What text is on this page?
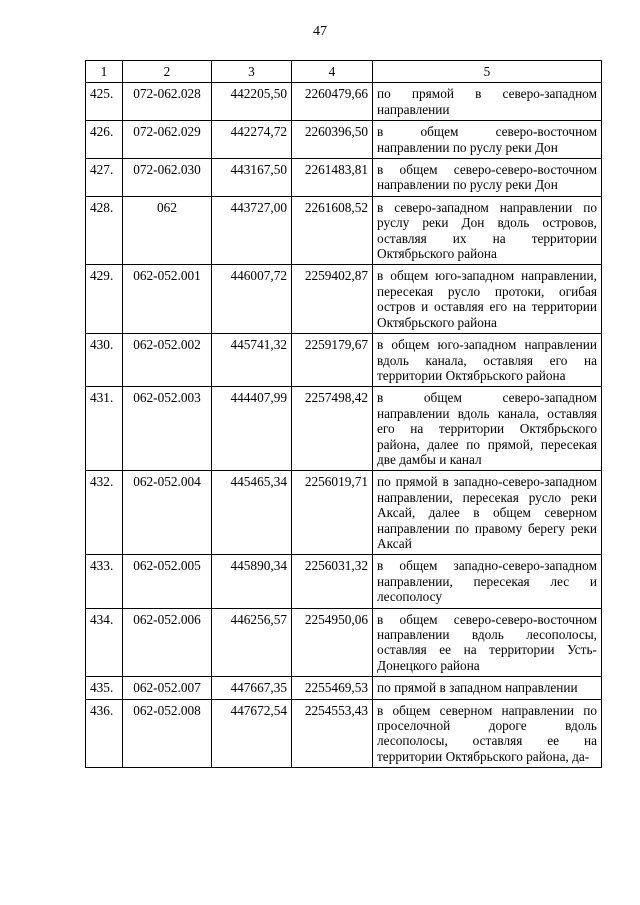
47
1	2	3	4	5
425.	072-062.028	442205,50	2260479,66	по прямой в северо-западном направлении
426.	072-062.029	442274,72	2260396,50	в общем северо-восточном направлении по руслу реки Дон
427.	072-062.030	443167,50	2261483,81	в общем северо-северо-восточном направлении по руслу реки Дон
428.	062	443727,00	2261608,52	в северо-западном направлении по руслу реки Дон вдоль островов, оставляя их на территории Октябрьского района
429.	062-052.001	446007,72	2259402,87	в общем юго-западном направлении, пересекая русло протоки, огибая остров и оставляя его на территории Октябрьского района
430.	062-052.002	445741,32	2259179,67	в общем юго-западном направлении вдоль канала, оставляя его на территории Октябрьского района
431.	062-052.003	444407,99	2257498,42	в общем северо-западном направлении вдоль канала, оставляя его на территории Октябрьского района, далее по прямой, пересекая две дамбы и канал
432.	062-052.004	445465,34	2256019,71	по прямой в западно-северо-западном направлении, пересекая русло реки Аксай, далее в общем северном направлении по правому берегу реки Аксай
433.	062-052.005	445890,34	2256031,32	в общем западно-северо-западном направлении, пересекая лес и лесополосу
434.	062-052.006	446256,57	2254950,06	в общем северо-северо-восточном направлении вдоль лесополосы, оставляя ее на территории Усть-Донецкого района
435.	062-052.007	447667,35	2255469,53	по прямой в западном направлении
436.	062-052.008	447672,54	2254553,43	в общем северном направлении по проселочной дороге вдоль лесополосы, оставляя ее на территории Октябрьского района, да-
